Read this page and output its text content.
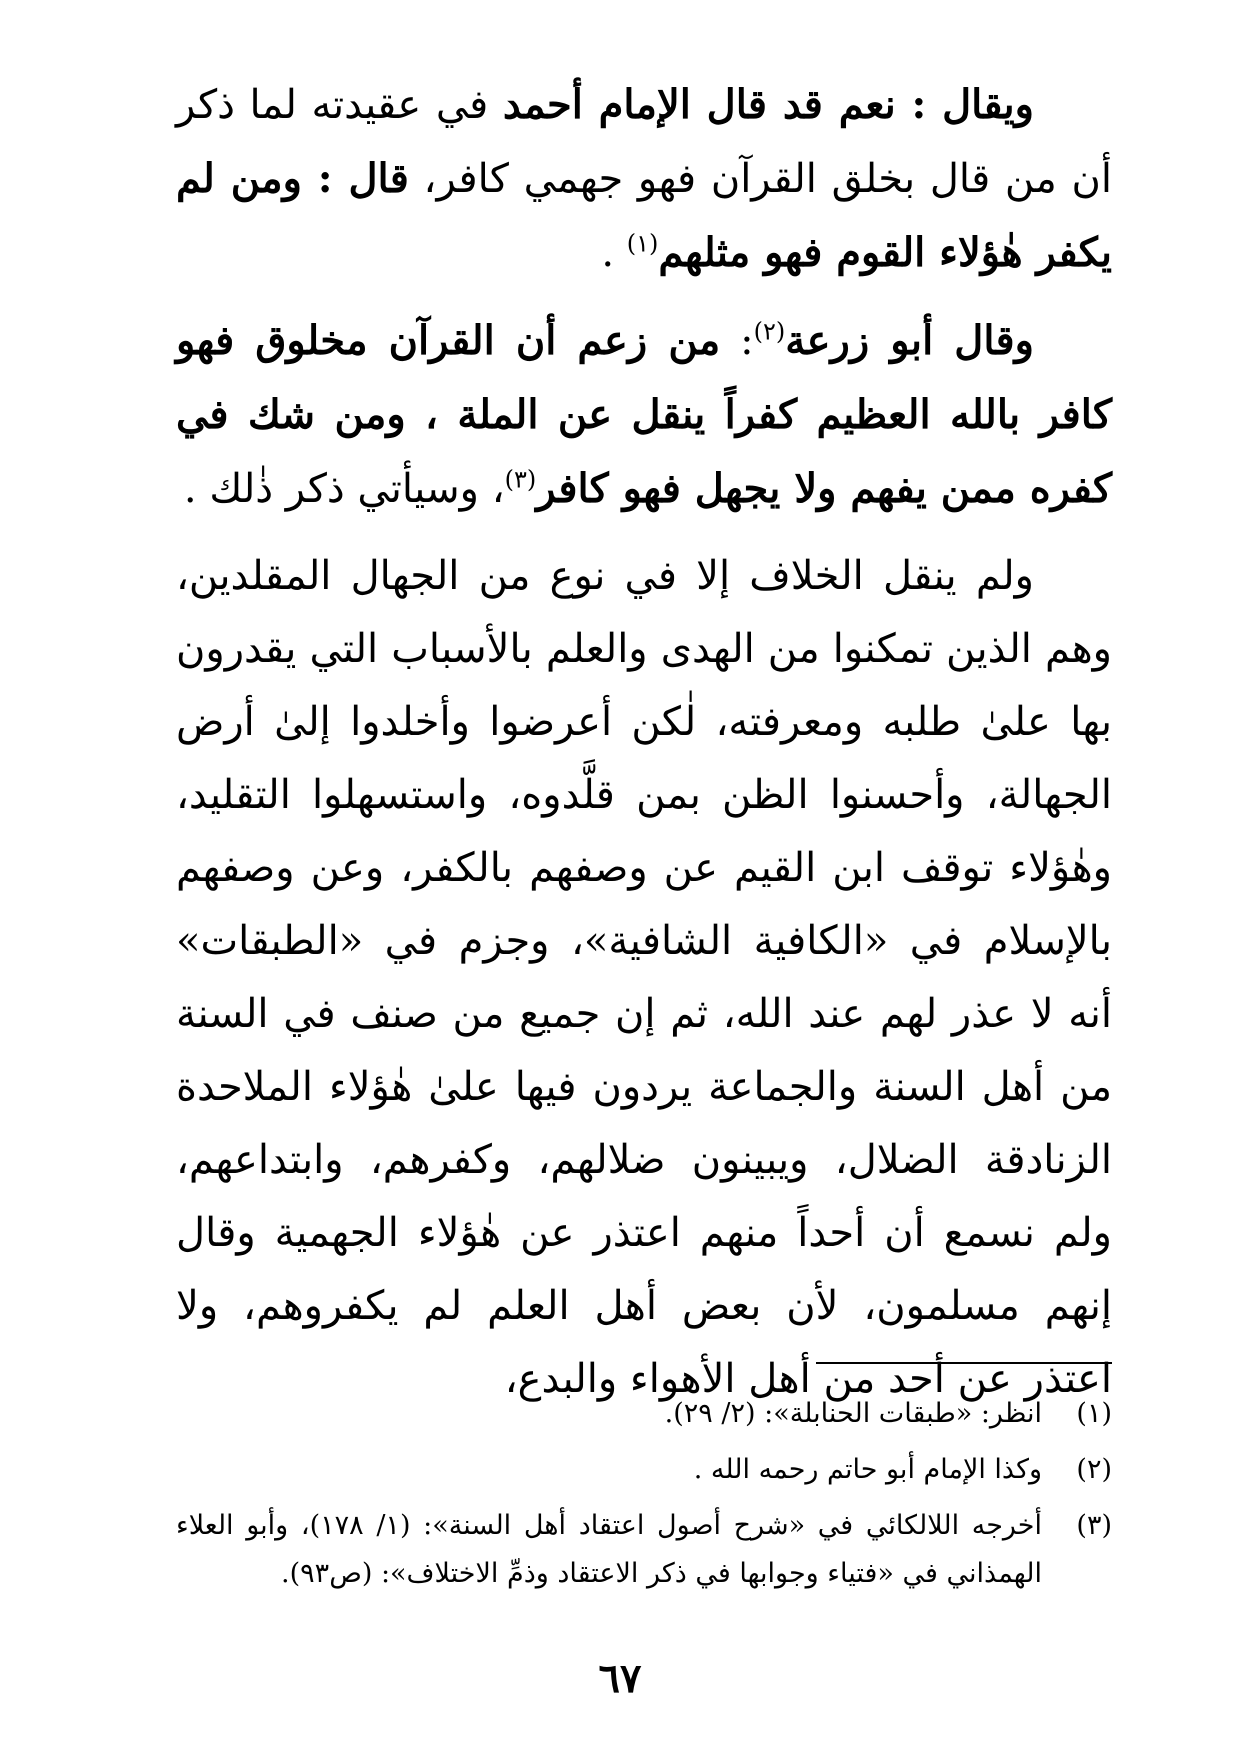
ويقال : نعم قد قال الإمام أحمد في عقيدته لما ذكر أن من قال بخلق القرآن فهو جهمي كافر، قال : ومن لم يكفر هٰؤلاء القوم فهو مثلهم$^{(١)}$ .

وقال أبو زرعة$^{(٢)}$: من زعم أن القرآن مخلوق فهو كافر بالله العظيم كفراً ينقل عن الملة ، ومن شك في كفره ممن يفهم ولا يجهل فهو كافر$^{(٣)}$، وسيأتي ذكر ذٰلك .

ولم ينقل الخلاف إلا في نوع من الجهال المقلدين، وهم الذين تمكنوا من الهدى والعلم بالأسباب التي يقدرون بها علىٰ طلبه ومعرفته، لٰكن أعرضوا وأخلدوا إلىٰ أرض الجهالة، وأحسنوا الظن بمن قلَّدوه، واستسهلوا التقليد، وهٰؤلاء توقف ابن القيم عن وصفهم بالكفر، وعن وصفهم بالإسلام في «الكافية الشافية»، وجزم في «الطبقات» أنه لا عذر لهم عند الله، ثم إن جميع من صنف في السنة من أهل السنة والجماعة يردون فيها علىٰ هٰؤلاء الملاحدة الزنادقة الضلال، ويبينون ضلالهم، وكفرهم، وابتداعهم، ولم نسمع أن أحداً منهم اعتذر عن هٰؤلاء الجهمية وقال إنهم مسلمون، لأن بعض أهل العلم لم يكفروهم، ولا اعتذر عن أحد من أهل الأهواء والبدع،

(١)
انظر: «طبقات الحنابلة»: (٢/ ٢٩).

(٢)
وكذا الإمام أبو حاتم رحمه الله .

(٣)
أخرجه اللالكائي في «شرح أصول اعتقاد أهل السنة»: (١/ ١٧٨)، وأبو العلاء الهمذاني في «فتياء وجوابها في ذكر الاعتقاد وذمِّ الاختلاف»: (ص٩٣).

٦٧
